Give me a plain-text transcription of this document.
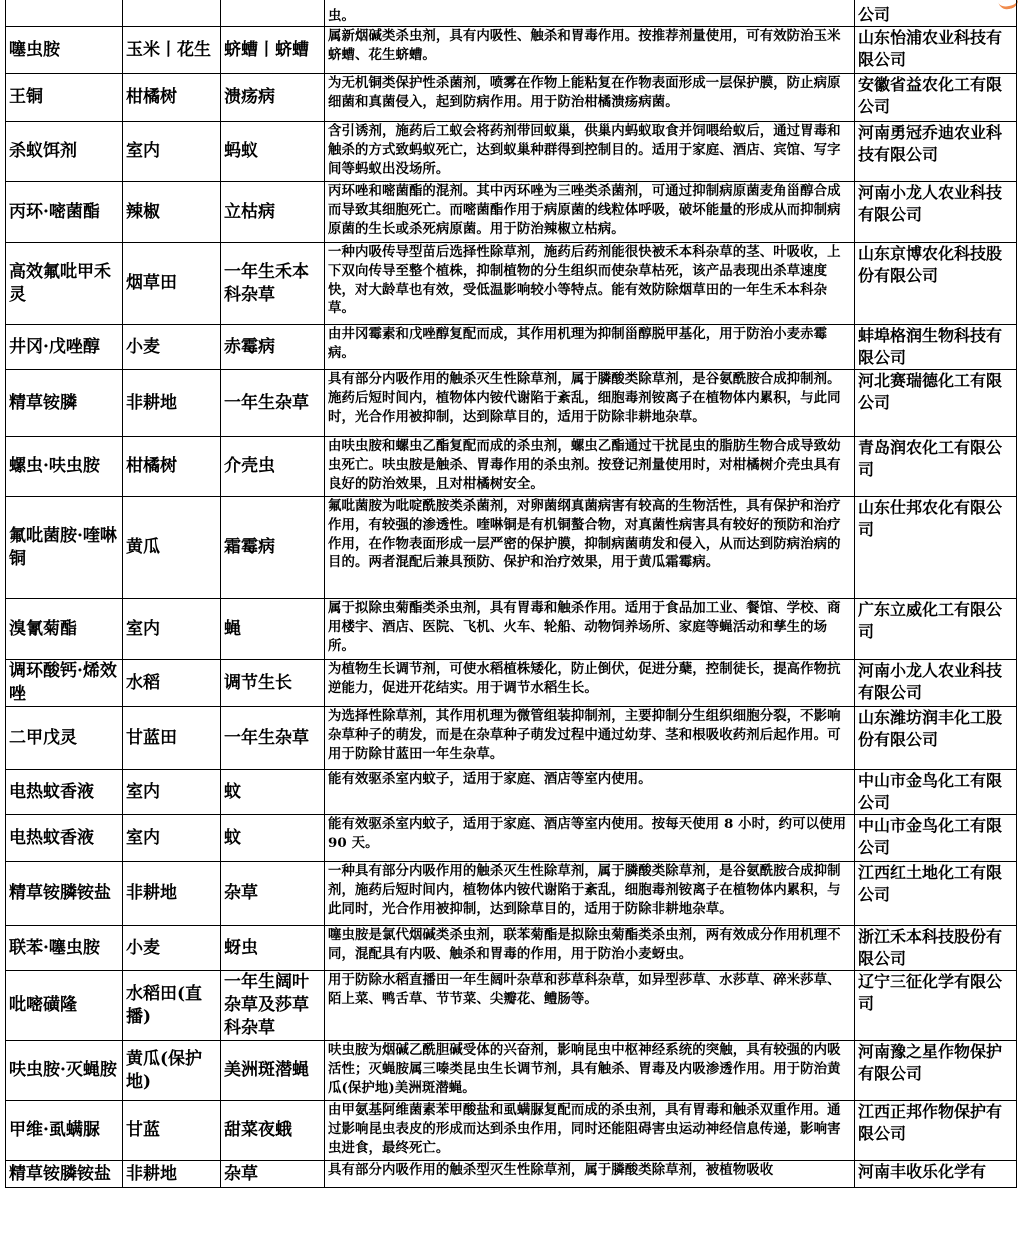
			虫。	公司
噻虫胺	玉米丨花生	蛴螬丨蛴螬	属新烟碱类杀虫剂，具有内吸性、触杀和胃毒作用。按推荐剂量使用，可有效防治玉米蛴螬、花生蛴螬。	山东怡浦农业科技有限公司
王铜	柑橘树	溃疡病	为无机铜类保护性杀菌剂，喷雾在作物上能粘复在作物表面形成一层保护膜，防止病原细菌和真菌侵入，起到防病作用。用于防治柑橘溃疡病菌。	安徽省益农化工有限公司
杀蚁饵剂	室内	蚂蚁	含引诱剂，施药后工蚁会将药剂带回蚁巢，供巢内蚂蚁取食并饲喂给蚁后，通过胃毒和触杀的方式致蚂蚁死亡，达到蚁巢种群得到控制目的。适用于家庭、酒店、宾馆、写字间等蚂蚁出没场所。	河南勇冠乔迪农业科技有限公司
丙环·嘧菌酯	辣椒	立枯病	丙环唑和嘧菌酯的混剂。其中丙环唑为三唑类杀菌剂，可通过抑制病原菌麦角甾醇合成而导致其细胞死亡。而嘧菌酯作用于病原菌的线粒体呼吸，破坏能量的形成从而抑制病原菌的生长或杀死病原菌。用于防治辣椒立枯病。	河南小龙人农业科技有限公司
高效氟吡甲禾灵	烟草田	一年生禾本科杂草	一种内吸传导型苗后选择性除草剂，施药后药剂能很快被禾本科杂草的茎、叶吸收，上下双向传导至整个植株，抑制植物的分生组织而使杂草枯死，该产品表现出杀草速度快，对大龄草也有效，受低温影响较小等特点。能有效防除烟草田的一年生禾本科杂草。	山东京博农化科技股份有限公司
井冈·戊唑醇	小麦	赤霉病	由井冈霉素和戊唑醇复配而成，其作用机理为抑制甾醇脱甲基化，用于防治小麦赤霉病。	蚌埠格润生物科技有限公司
精草铵膦	非耕地	一年生杂草	具有部分内吸作用的触杀灭生性除草剂，属于膦酸类除草剂，是谷氨酰胺合成抑制剂。施药后短时间内，植物体内铵代谢陷于紊乱，细胞毒剂铵离子在植物体内累积，与此同时，光合作用被抑制，达到除草目的，适用于防除非耕地杂草。	河北赛瑞德化工有限公司
螺虫·呋虫胺	柑橘树	介壳虫	由呋虫胺和螺虫乙酯复配而成的杀虫剂，螺虫乙酯通过干扰昆虫的脂肪生物合成导致幼虫死亡。呋虫胺是触杀、胃毒作用的杀虫剂。按登记剂量使用时，对柑橘树介壳虫具有良好的防治效果，且对柑橘树安全。	青岛润农化工有限公司
氟吡菌胺·喹啉铜	黄瓜	霜霉病	氟吡菌胺为吡啶酰胺类杀菌剂，对卵菌纲真菌病害有较高的生物活性，具有保护和治疗作用，有较强的渗透性。喹啉铜是有机铜螯合物，对真菌性病害具有较好的预防和治疗作用，在作物表面形成一层严密的保护膜，抑制病菌萌发和侵入，从而达到防病治病的目的。两者混配后兼具预防、保护和治疗效果，用于黄瓜霜霉病。	山东仕邦农化有限公司
溴氰菊酯	室内	蝇	属于拟除虫菊酯类杀虫剂，具有胃毒和触杀作用。适用于食品加工业、餐馆、学校、商用楼宇、酒店、医院、飞机、火车、轮船、动物饲养场所、家庭等蝇活动和孳生的场所。	广东立威化工有限公司
调环酸钙·烯效唑	水稻	调节生长	为植物生长调节剂，可使水稻植株矮化，防止倒伏，促进分蘖，控制徒长，提高作物抗逆能力，促进开花结实。用于调节水稻生长。	河南小龙人农业科技有限公司
二甲戊灵	甘蓝田	一年生杂草	为选择性除草剂，其作用机理为微管组装抑制剂，主要抑制分生组织细胞分裂，不影响杂草种子的萌发，而是在杂草种子萌发过程中通过幼芽、茎和根吸收药剂后起作用。可用于防除甘蓝田一年生杂草。	山东潍坊润丰化工股份有限公司
电热蚊香液	室内	蚊	能有效驱杀室内蚊子，适用于家庭、酒店等室内使用。	中山市金鸟化工有限公司
电热蚊香液	室内	蚊	能有效驱杀室内蚊子，适用于家庭、酒店等室内使用。按每天使用 8 小时，约可以使用 90 天。	中山市金鸟化工有限公司
精草铵膦铵盐	非耕地	杂草	一种具有部分内吸作用的触杀灭生性除草剂，属于膦酸类除草剂，是谷氨酰胺合成抑制剂，施药后短时间内，植物体内铵代谢陷于紊乱，细胞毒剂铵离子在植物体内累积，与此同时，光合作用被抑制，达到除草目的，适用于防除非耕地杂草。	江西红土地化工有限公司
联苯·噻虫胺	小麦	蚜虫	噻虫胺是氯代烟碱类杀虫剂，联苯菊酯是拟除虫菊酯类杀虫剂，两有效成分作用机理不同，混配具有内吸、触杀和胃毒的作用，用于防治小麦蚜虫。	浙江禾本科技股份有限公司
吡嘧磺隆	水稻田(直播)	一年生阔叶杂草及莎草科杂草	用于防除水稻直播田一年生阔叶杂草和莎草科杂草，如异型莎草、水莎草、碎米莎草、陌上菜、鸭舌草、节节菜、尖瓣花、鳢肠等。	辽宁三征化学有限公司
呋虫胺·灭蝇胺	黄瓜(保护地)	美洲斑潜蝇	呋虫胺为烟碱乙酰胆碱受体的兴奋剂，影响昆虫中枢神经系统的突触，具有较强的内吸活性；灭蝇胺属三嗪类昆虫生长调节剂，具有触杀、胃毒及内吸渗透作用。用于防治黄瓜(保护地)美洲斑潜蝇。	河南豫之星作物保护有限公司
甲维·虱螨脲	甘蓝	甜菜夜蛾	由甲氨基阿维菌素苯甲酸盐和虱螨脲复配而成的杀虫剂，具有胃毒和触杀双重作用。通过影响昆虫表皮的形成而达到杀虫作用，同时还能阻碍害虫运动神经信息传递，影响害虫进食，最终死亡。	江西正邦作物保护有限公司
精草铵膦铵盐	非耕地	杂草	具有部分内吸作用的触杀型灭生性除草剂，属于膦酸类除草剂，被植物吸收	河南丰收乐化学有
